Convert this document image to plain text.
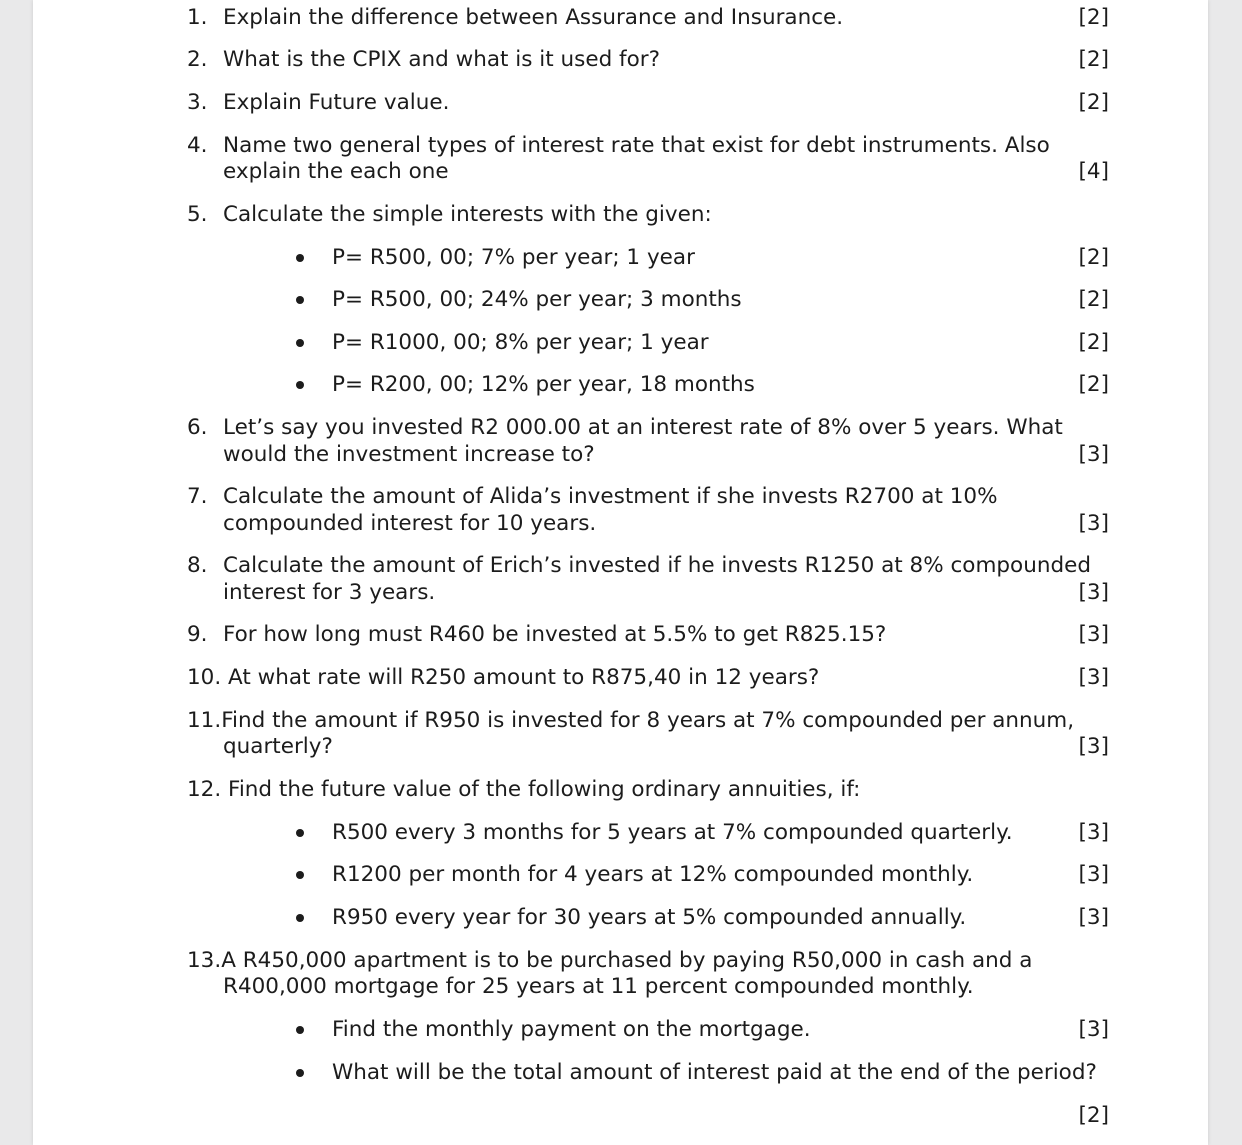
1. Explain the difference between Assurance and Insurance.	[2]
2. What is the CPIX and what is it used for?	[2]
3. Explain Future value.	[2]
4. Name two general types of interest rate that exist for debt instruments. Also
explain the each one	[4]
5. Calculate the simple interests with the given:
P= R500, 00; 7% per year; 1 year	[2]
P= R500, 00; 24% per year; 3 months	[2]
P= R1000, 00; 8% per year; 1 year	[2]
P= R200, 00; 12% per year, 18 months	[2]
6. Let’s say you invested R2 000.00 at an interest rate of 8% over 5 years. What
would the investment increase to?	[3]
7. Calculate the amount of Alida’s investment if she invests R2700 at 10%
compounded interest for 10 years.	[3]
8. Calculate the amount of Erich’s invested if he invests R1250 at 8% compounded
interest for 3 years.	[3]
9. For how long must R460 be invested at 5.5% to get R825.15?	[3]
10. At what rate will R250 amount to R875,40 in 12 years?	[3]
11.Find the amount if R950 is invested for 8 years at 7% compounded per annum,
quarterly?	[3]
12. Find the future value of the following ordinary annuities, if:
R500 every 3 months for 5 years at 7% compounded quarterly.	[3]
R1200 per month for 4 years at 12% compounded monthly.	[3]
R950 every year for 30 years at 5% compounded annually.	[3]
13.A R450,000 apartment is to be purchased by paying R50,000 in cash and a
R400,000 mortgage for 25 years at 11 percent compounded monthly.
Find the monthly payment on the mortgage.	[3]
What will be the total amount of interest paid at the end of the period?
[2]
